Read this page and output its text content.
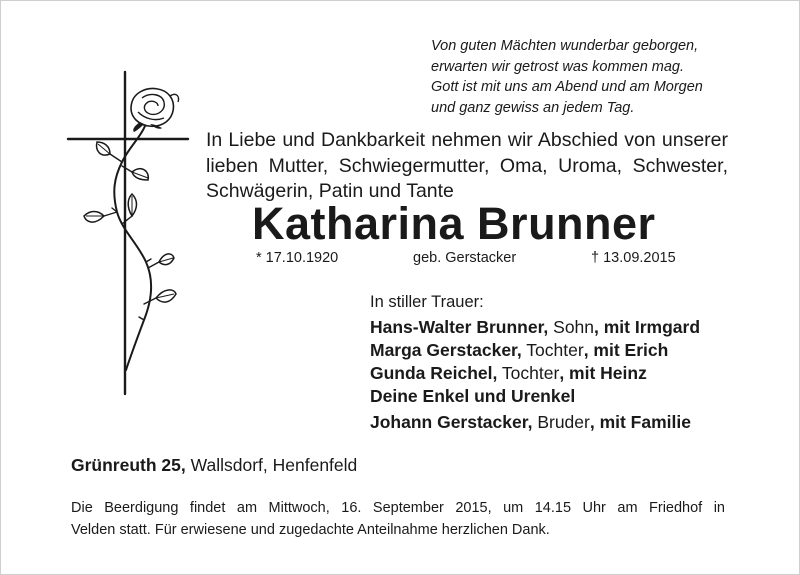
Von guten Mächten wunderbar geborgen,
erwarten wir getrost was kommen mag.
Gott ist mit uns am Abend und am Morgen
und ganz gewiss an jedem Tag.
In Liebe und Dankbarkeit nehmen wir Abschied von unserer
lieben Mutter, Schwiegermutter, Oma, Uroma, Schwester,
Schwägerin, Patin und Tante
Katharina Brunner
* 17.10.1920	geb. Gerstacker	† 13.09.2015
In stiller Trauer:
Hans-Walter Brunner, Sohn, mit Irmgard
Marga Gerstacker, Tochter, mit Erich
Gunda Reichel, Tochter, mit Heinz
Deine Enkel und Urenkel
Johann Gerstacker, Bruder, mit Familie
Grünreuth 25, Wallsdorf, Henfenfeld
Die Beerdigung findet am Mittwoch, 16. September 2015, um 14.15 Uhr am Friedhof in
Velden statt. Für erwiesene und zugedachte Anteilnahme herzlichen Dank.
